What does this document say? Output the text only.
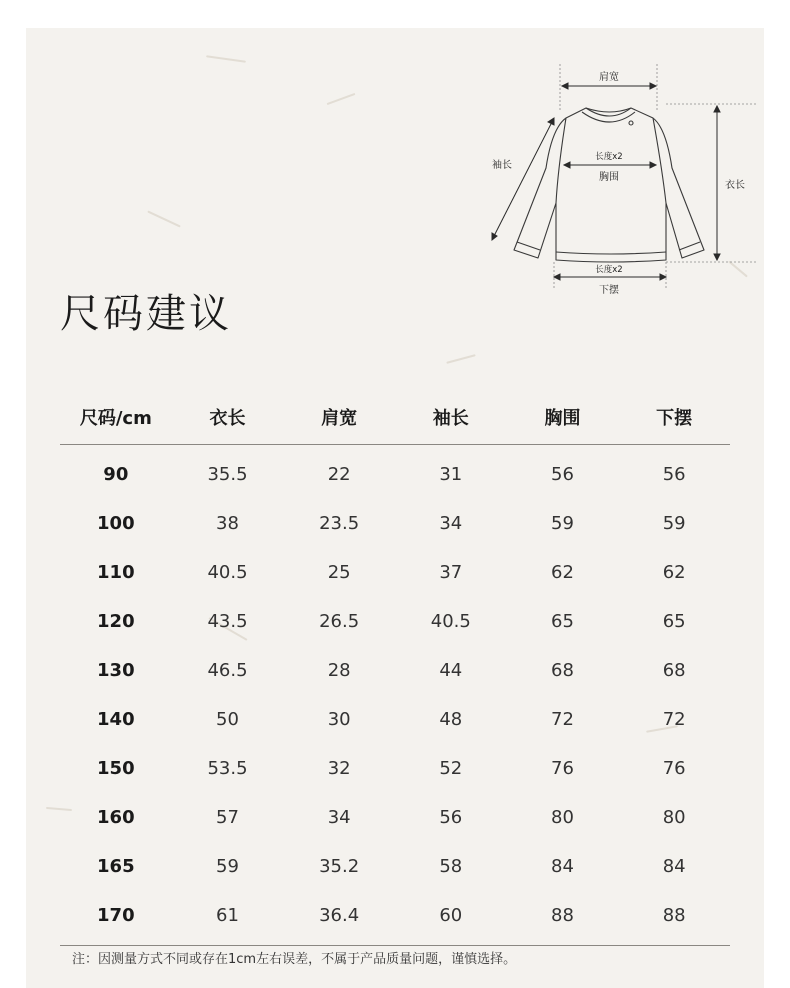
肩宽
袖长
衣长
长度x2
胸围
长度x2
下摆
尺码建议
尺码/cm	衣长	肩宽	袖长	胸围	下摆
90	35.5	22	31	56	56
100	38	23.5	34	59	59
110	40.5	25	37	62	62
120	43.5	26.5	40.5	65	65
130	46.5	28	44	68	68
140	50	30	48	72	72
150	53.5	32	52	76	76
160	57	34	56	80	80
165	59	35.2	58	84	84
170	61	36.4	60	88	88
注：因测量方式不同或存在1cm左右误差，不属于产品质量问题，谨慎选择。
